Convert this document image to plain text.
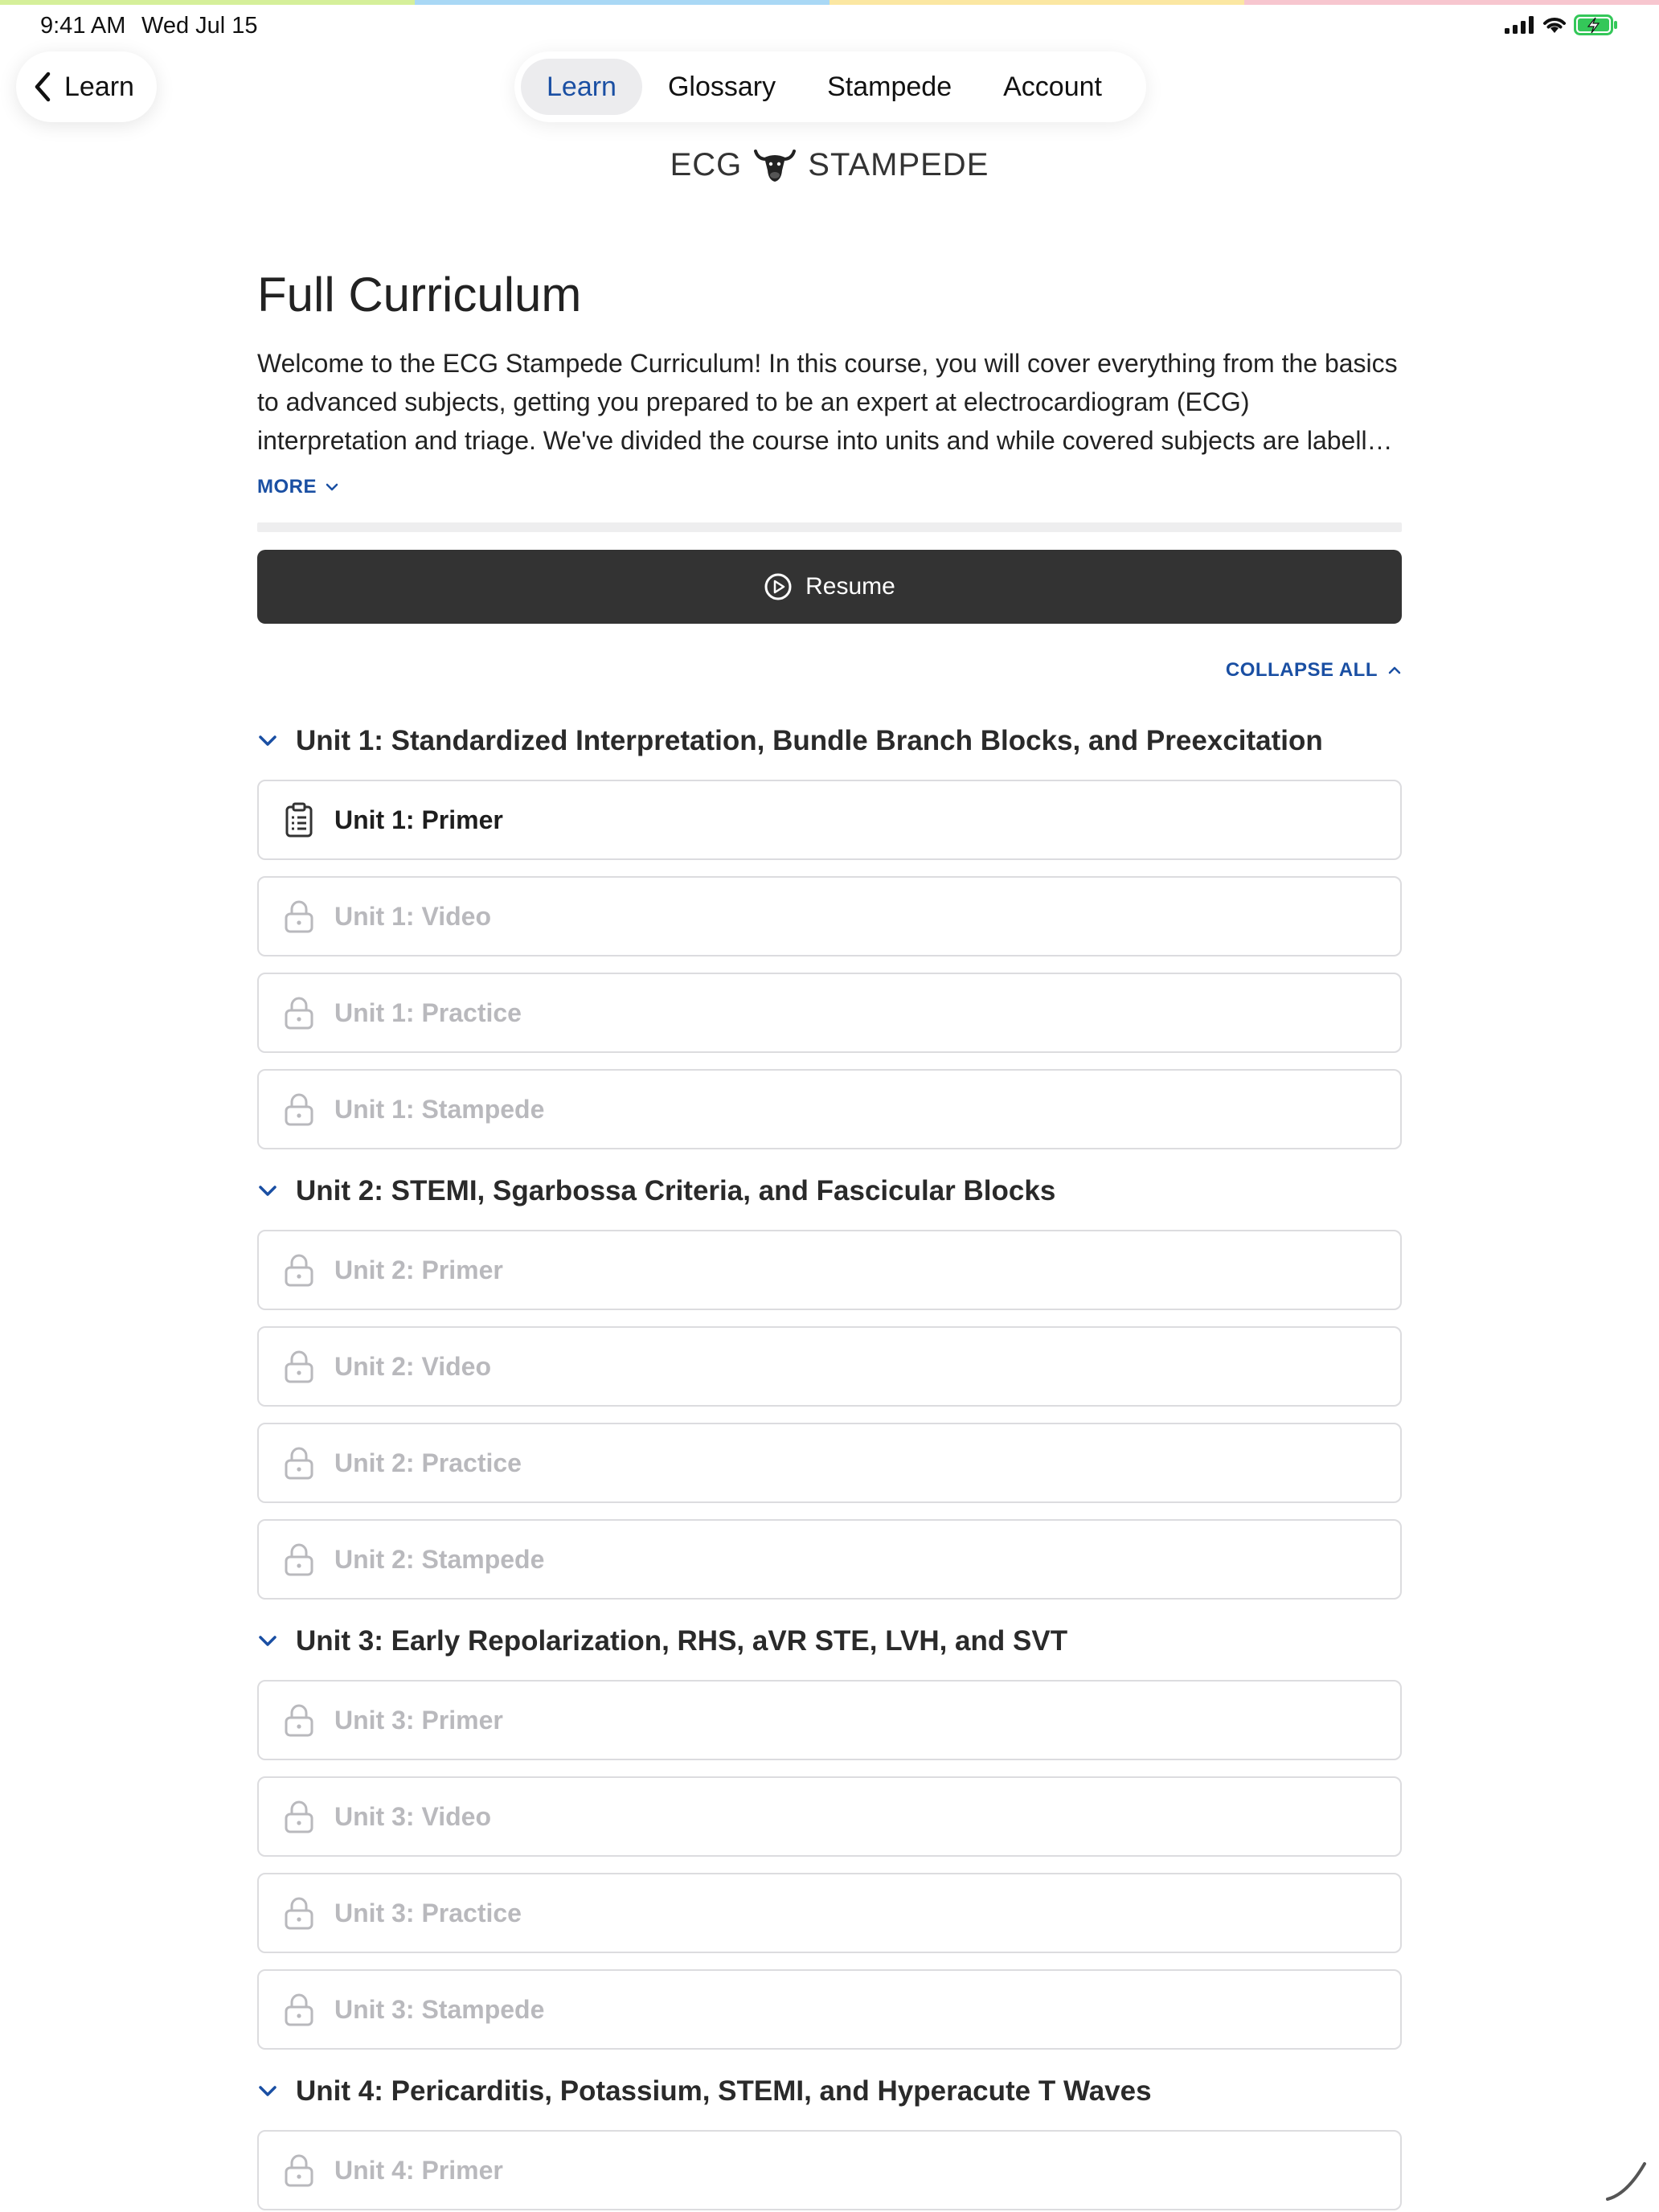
9:41 AM Wed Jul 15
Learn	Learn	Glossary	Stampede	Account
ECG STAMPEDE
Full Curriculum

Welcome to the ECG Stampede Curriculum! In this course, you will cover everything from the basics to advanced subjects, getting you prepared to be an expert at electrocardiogram (ECG) interpretation and triage. We've divided the course into units and while covered subjects are labelled

MORE
Resume
COLLAPSE ALL
Unit 1: Standardized Interpretation, Bundle Branch Blocks, and Preexcitation
Unit 1: Primer
Unit 1: Video
Unit 1: Practice
Unit 1: Stampede
Unit 2: STEMI, Sgarbossa Criteria, and Fascicular Blocks
Unit 2: Primer
Unit 2: Video
Unit 2: Practice
Unit 2: Stampede
Unit 3: Early Repolarization, RHS, aVR STE, LVH, and SVT
Unit 3: Primer
Unit 3: Video
Unit 3: Practice
Unit 3: Stampede
Unit 4: Pericarditis, Potassium, STEMI, and Hyperacute T Waves
Unit 4: Primer
